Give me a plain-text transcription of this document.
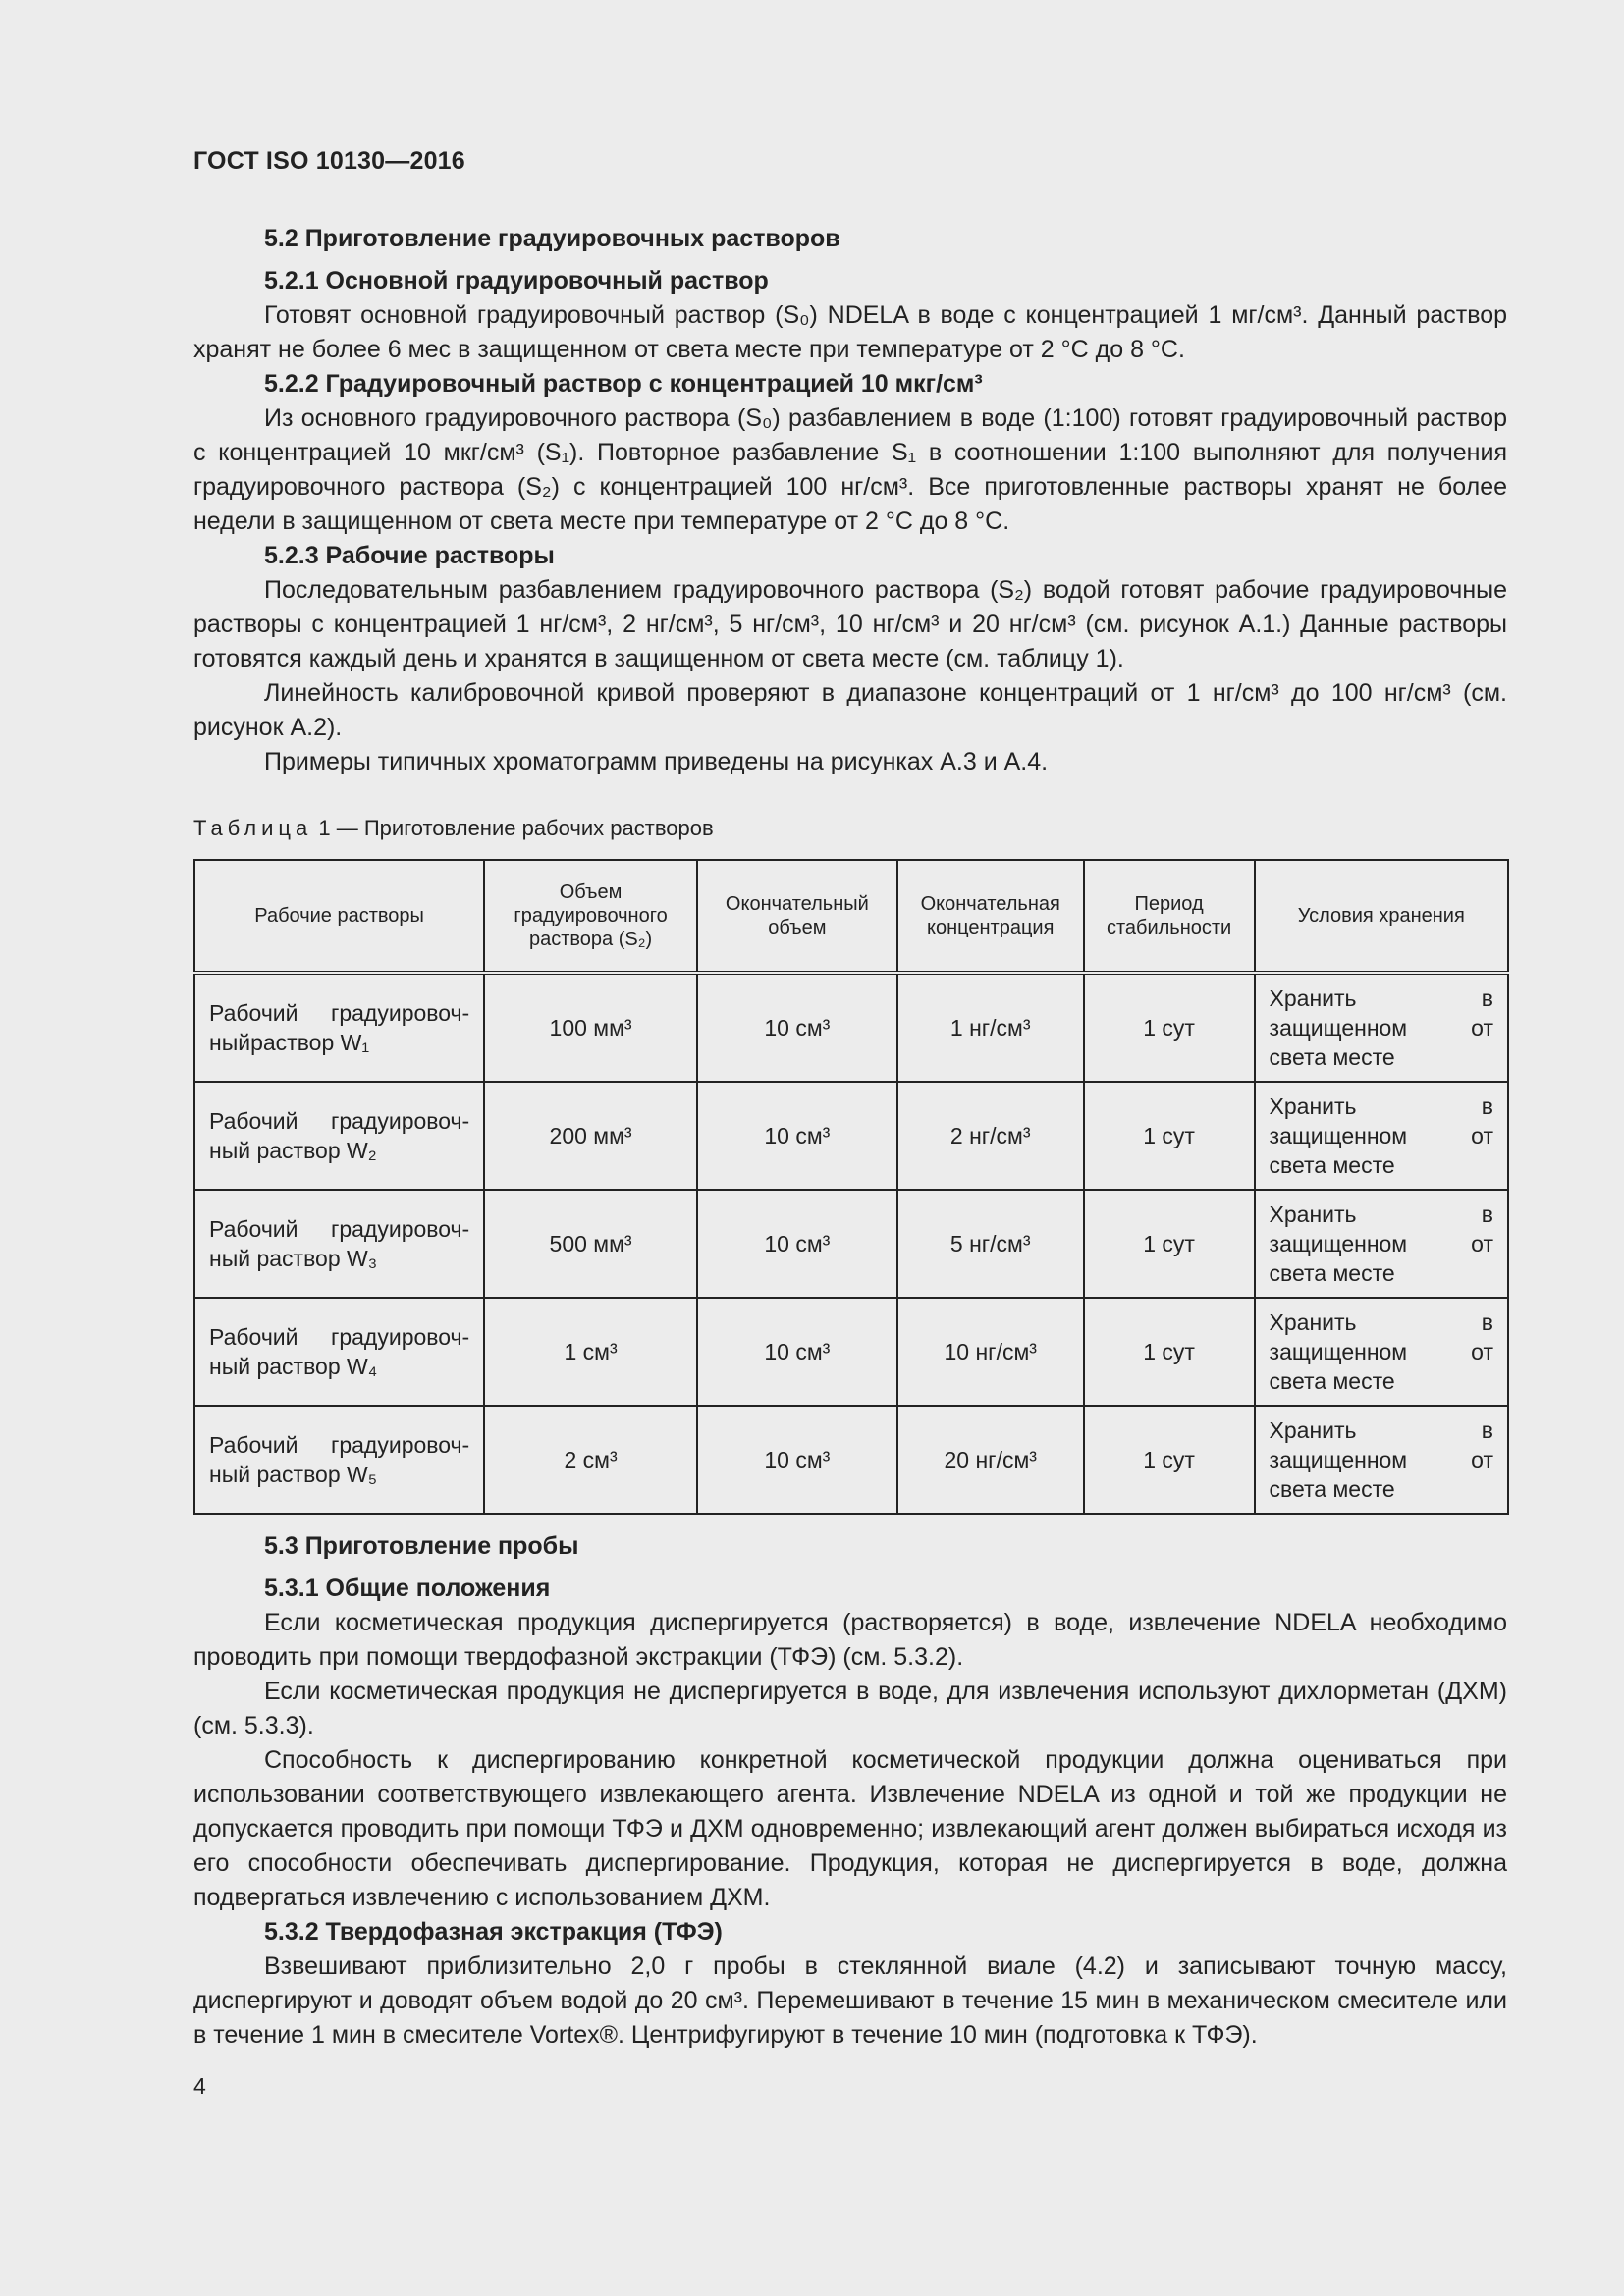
ГОСТ ISO 10130—2016
5.2 Приготовление градуировочных растворов
5.2.1 Основной градуировочный раствор

Готовят основной градуировочный раствор (S₀) NDELA в воде с концентрацией 1 мг/см³. Данный раствор хранят не более 6 мес в защищенном от света месте при температуре от 2 °С до 8 °С.

5.2.2 Градуировочный раствор с концентрацией 10 мкг/см³

Из основного градуировочного раствора (S₀) разбавлением в воде (1:100) готовят градуировочный раствор с концентрацией 10 мкг/см³ (S₁). Повторное разбавление S₁ в соотношении 1:100 выполняют для получения градуировочного раствора (S₂) с концентрацией 100 нг/см³. Все приготовленные растворы хранят не более недели в защищенном от света месте при температуре от 2 °С до 8 °С.

5.2.3 Рабочие растворы

Последовательным разбавлением градуировочного раствора (S₂) водой готовят рабочие градуировочные растворы с концентрацией 1 нг/см³, 2 нг/см³, 5 нг/см³, 10 нг/см³ и 20 нг/см³ (см. рисунок А.1.) Данные растворы готовятся каждый день и хранятся в защищенном от света месте (см. таблицу 1).

Линейность калибровочной кривой проверяют в диапазоне концентраций от 1 нг/см³ до 100 нг/см³ (см. рисунок А.2).

Примеры типичных хроматограмм приведены на рисунках А.3 и А.4.

Таблица 1 — Приготовление рабочих растворов
Рабочие растворы	Объем градуировочного раствора (S₂)	Окончательный объем	Окончательная концентрация	Период стабильности	Условия хранения
Рабочий градуировоч-ныйраствор W₁	100 мм³	10 см³	1 нг/см³	1 сут	Хранить в защищенном от света месте
Рабочий градуировоч-ный раствор W₂	200 мм³	10 см³	2 нг/см³	1 сут	Хранить в защищенном от света месте
Рабочий градуировоч-ный раствор W₃	500 мм³	10 см³	5 нг/см³	1 сут	Хранить в защищенном от света месте
Рабочий градуировоч-ный раствор W₄	1 см³	10 см³	10 нг/см³	1 сут	Хранить в защищенном от света месте
Рабочий градуировоч-ный раствор W₅	2 см³	10 см³	20 нг/см³	1 сут	Хранить в защищенном от света месте
5.3 Приготовление пробы
5.3.1 Общие положения

Если косметическая продукция диспергируется (растворяется) в воде, извлечение NDELA необходимо проводить при помощи твердофазной экстракции (ТФЭ) (см. 5.3.2).

Если косметическая продукция не диспергируется в воде, для извлечения используют дихлорметан (ДХМ) (см. 5.3.3).

Способность к диспергированию конкретной косметической продукции должна оцениваться при использовании соответствующего извлекающего агента. Извлечение NDELA из одной и той же продукции не допускается проводить при помощи ТФЭ и ДХМ одновременно; извлекающий агент должен выбираться исходя из его способности обеспечивать диспергирование. Продукция, которая не диспергируется в воде, должна подвергаться извлечению с использованием ДХМ.

5.3.2 Твердофазная экстракция (ТФЭ)

Взвешивают приблизительно 2,0 г пробы в стеклянной виале (4.2) и записывают точную массу, диспергируют и доводят объем водой до 20 см³. Перемешивают в течение 15 мин в механическом смесителе или в течение 1 мин в смесителе Vortex®. Центрифугируют в течение 10 мин (подготовка к ТФЭ).

4
